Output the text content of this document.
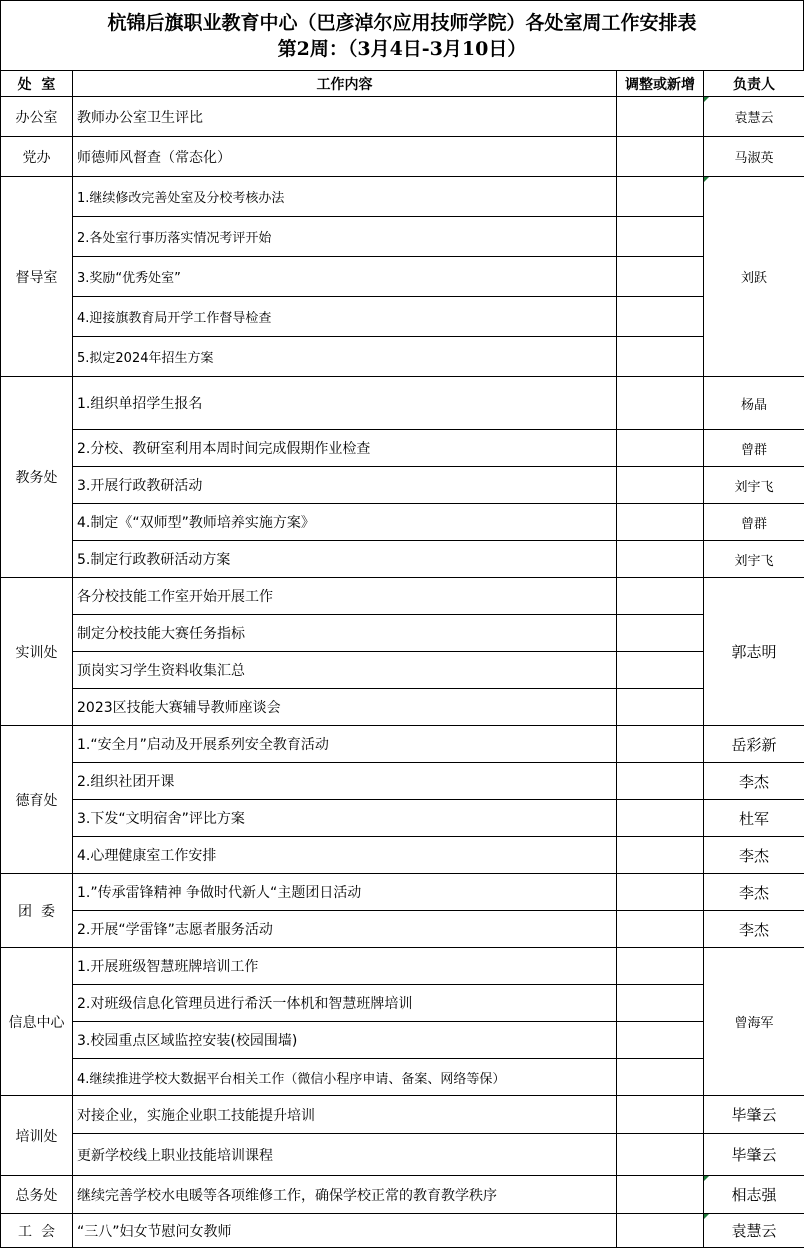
杭锦后旗职业教育中心（巴彦淖尔应用技师学院）各处室周工作安排表
第2周：（3月4日-3月10日）
处  室	工作内容	调整或新增	负责人
办公室	教师办公室卫生评比		袁慧云
党办	师德师风督查（常态化）		马淑英
督导室	1.继续修改完善处室及分校考核办法		刘跃
	2.各处室行事历落实情况考评开始		
	3.奖励“优秀处室”		
	4.迎接旗教育局开学工作督导检查		
	5.拟定2024年招生方案		
教务处	1.组织单招学生报名		杨晶
	2.分校、教研室利用本周时间完成假期作业检查		曾群
	3.开展行政教研活动		刘宇飞
	4.制定《“双师型”教师培养实施方案》		曾群
	5.制定行政教研活动方案		刘宇飞
实训处	各分校技能工作室开始开展工作		郭志明
	制定分校技能大赛任务指标		
	顶岗实习学生资料收集汇总		
	2023区技能大赛辅导教师座谈会		
德育处	1.“安全月”启动及开展系列安全教育活动		岳彩新
	2.组织社团开课		李杰
	3.下发“文明宿舍”评比方案		杜军
	4.心理健康室工作安排		李杰
团  委	1.”传承雷锋精神 争做时代新人“主题团日活动		李杰
	2.开展“学雷锋”志愿者服务活动		李杰
信息中心	1.开展班级智慧班牌培训工作		曾海军
	2.对班级信息化管理员进行希沃一体机和智慧班牌培训		
	3.校园重点区域监控安装(校园围墙)		
	4.继续推进学校大数据平台相关工作（微信小程序申请、备案、网络等保）		
培训处	对接企业，实施企业职工技能提升培训		毕肇云
	更新学校线上职业技能培训课程		毕肇云
总务处	继续完善学校水电暖等各项维修工作，确保学校正常的教育教学秩序		相志强
工  会	“三八”妇女节慰问女教师		袁慧云
